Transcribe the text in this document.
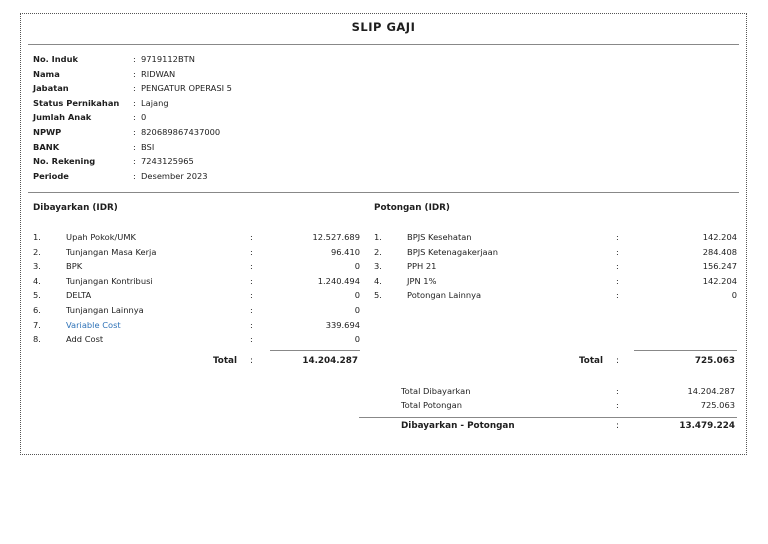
SLIP GAJI
No. Induk	: 9719112BTN
Nama	: RIDWAN
Jabatan	: PENGATUR OPERASI 5
Status Pernikahan : Lajang
Jumlah Anak	: 0
NPWP	: 820689867437000
BANK	: BSI
No. Rekening	: 7243125965
Periode	: Desember 2023
Dibayarkan (IDR)	Potongan (IDR)
1.	Upah Pokok/UMK	:	12.527.689
2.	Tunjangan Masa Kerja	:	96.410
3.	BPK	:	0
4.	Tunjangan Kontribusi	:	1.240.494
5.	DELTA	:	0
6.	Tunjangan Lainnya	:	0
7.	Variable Cost	:	339.694
8.	Add Cost	:	0
1.	BPJS Kesehatan	:	142.204
2.	BPJS Ketenagakerjaan	:	284.408
3.	PPH 21	:	156.247
4.	JPN 1%	:	142.204
5.	Potongan Lainnya	:	0
Total :	14.204.287	Total :	725.063
Total Dibayarkan	:	14.204.287
Total Potongan	:	725.063
Dibayarkan - Potongan	:	13.479.224
